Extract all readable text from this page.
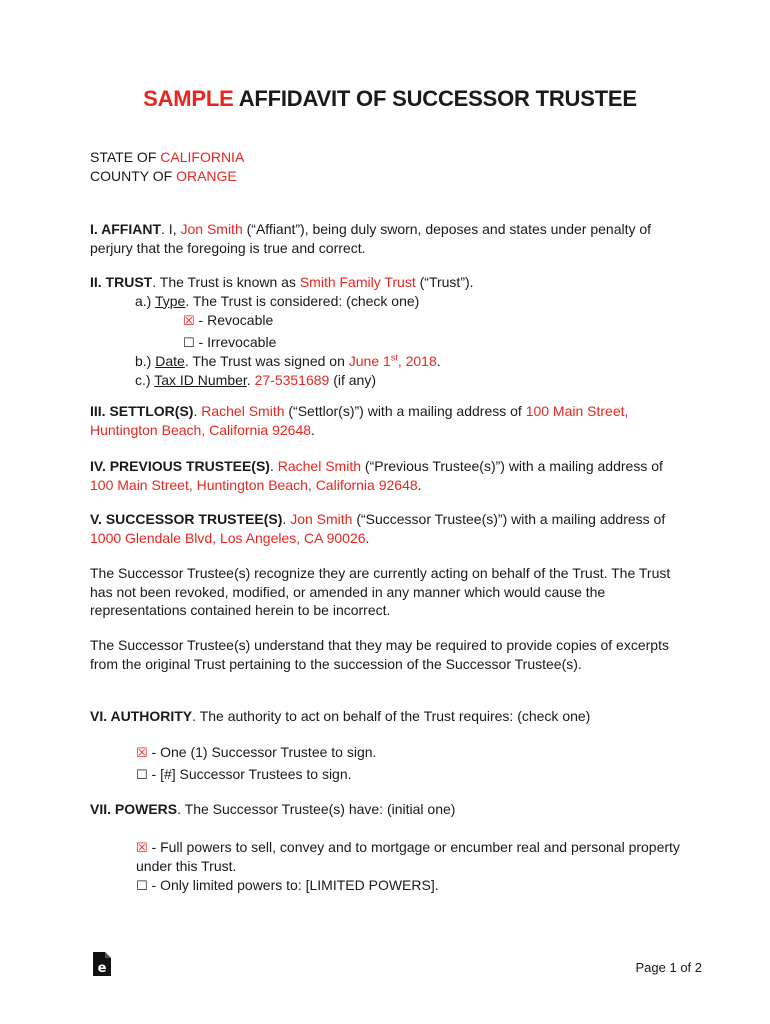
SAMPLE AFFIDAVIT OF SUCCESSOR TRUSTEE
STATE OF CALIFORNIA
COUNTY OF ORANGE
I. AFFIANT. I, Jon Smith (“Affiant”), being duly sworn, deposes and states under penalty of perjury that the foregoing is true and correct.
II. TRUST. The Trust is known as Smith Family Trust (“Trust”).
a.) Type. The Trust is considered: (check one)
☒ - Revocable
☐ - Irrevocable
b.) Date. The Trust was signed on June 1st, 2018.
c.) Tax ID Number. 27-5351689 (if any)
III. SETTLOR(S). Rachel Smith (“Settlor(s)”) with a mailing address of 100 Main Street, Huntington Beach, California 92648.
IV. PREVIOUS TRUSTEE(S). Rachel Smith (“Previous Trustee(s)”) with a mailing address of 100 Main Street, Huntington Beach, California 92648.
V. SUCCESSOR TRUSTEE(S). Jon Smith (“Successor Trustee(s)”) with a mailing address of 1000 Glendale Blvd, Los Angeles, CA 90026.
The Successor Trustee(s) recognize they are currently acting on behalf of the Trust. The Trust has not been revoked, modified, or amended in any manner which would cause the representations contained herein to be incorrect.
The Successor Trustee(s) understand that they may be required to provide copies of excerpts from the original Trust pertaining to the succession of the Successor Trustee(s).
VI. AUTHORITY. The authority to act on behalf of the Trust requires: (check one)
☒ - One (1) Successor Trustee to sign.
☐ - [#] Successor Trustees to sign.
VII. POWERS. The Successor Trustee(s) have: (initial one)
☒ - Full powers to sell, convey and to mortgage or encumber real and personal property under this Trust.
☐ - Only limited powers to: [LIMITED POWERS].
e	Page 1 of 2
